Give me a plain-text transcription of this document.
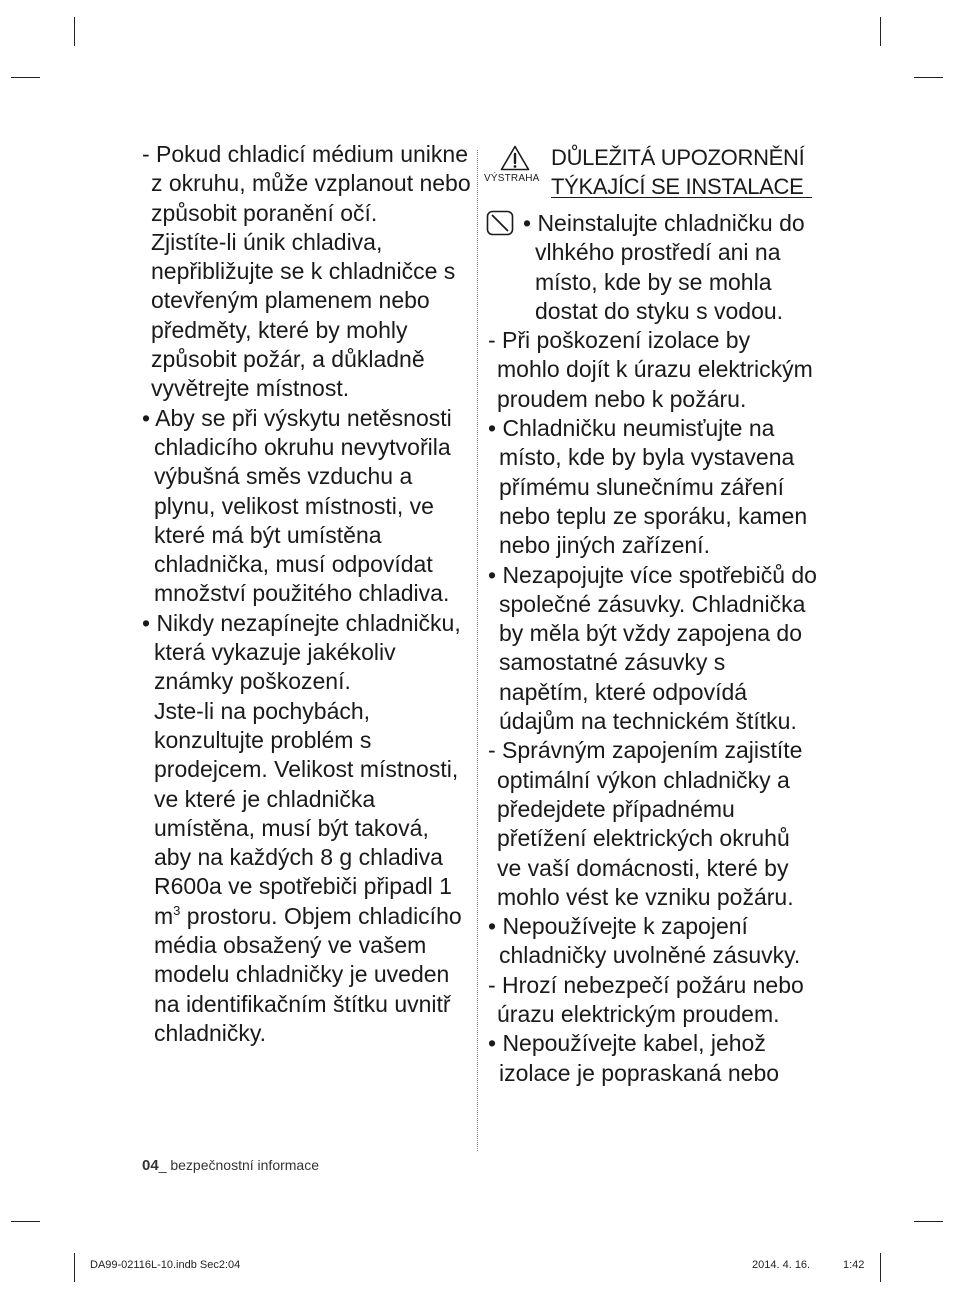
- Pokud chladicí médium unikne z okruhu, může vzplanout nebo způsobit poranění očí.

Zjistíte-li únik chladiva, nepřibližujte se k chladničce s otevřeným plamenem nebo předměty, které by mohly způsobit požár, a důkladně vyvětrejte místnost.

• Aby se při výskytu netěsnosti chladicího okruhu nevytvořila výbušná směs vzduchu a plynu, velikost místnosti, ve které má být umístěna chladnička, musí odpovídat množství použitého chladiva.

• Nikdy nezapínejte chladničku, která vykazuje jakékoliv známky poškození.

Jste-li na pochybách, konzultujte problém s prodejcem. Velikost místnosti, ve které je chladnička umístěna, musí být taková, aby na každých 8 g chladiva R600a ve spotřebiči připadl 1 $m^3$ prostoru. Objem chladicího média obsažený ve vašem modelu chladničky je uveden na identifikačním štítku uvnitř chladničky.

VÝSTRAHA
DŮLEŽITÁ UPOZORNĚNÍ
TÝKAJÍCÍ SE INSTALACE

• Neinstalujte chladničku do vlhkého prostředí ani na místo, kde by se mohla dostat do styku s vodou.

- Při poškození izolace by mohlo dojít k úrazu elektrickým proudem nebo k požáru.

• Chladničku neumisťujte na místo, kde by byla vystavena přímému slunečnímu záření nebo teplu ze sporáku, kamen nebo jiných zařízení.

• Nezapojujte více spotřebičů do společné zásuvky. Chladnička by měla být vždy zapojena do samostatné zásuvky s napětím, které odpovídá údajům na technickém štítku.

- Správným zapojením zajistíte optimální výkon chladničky a předejdete případnému přetížení elektrických okruhů ve vaší domácnosti, které by mohlo vést ke vzniku požáru.

• Nepoužívejte k zapojení chladničky uvolněné zásuvky.

- Hrozí nebezpečí požáru nebo úrazu elektrickým proudem.

• Nepoužívejte kabel, jehož izolace je popraskaná nebo

04_ bezpečnostní informace
DA99-02116L-10.indb Sec2:04	2014. 4. 16.	1:42
